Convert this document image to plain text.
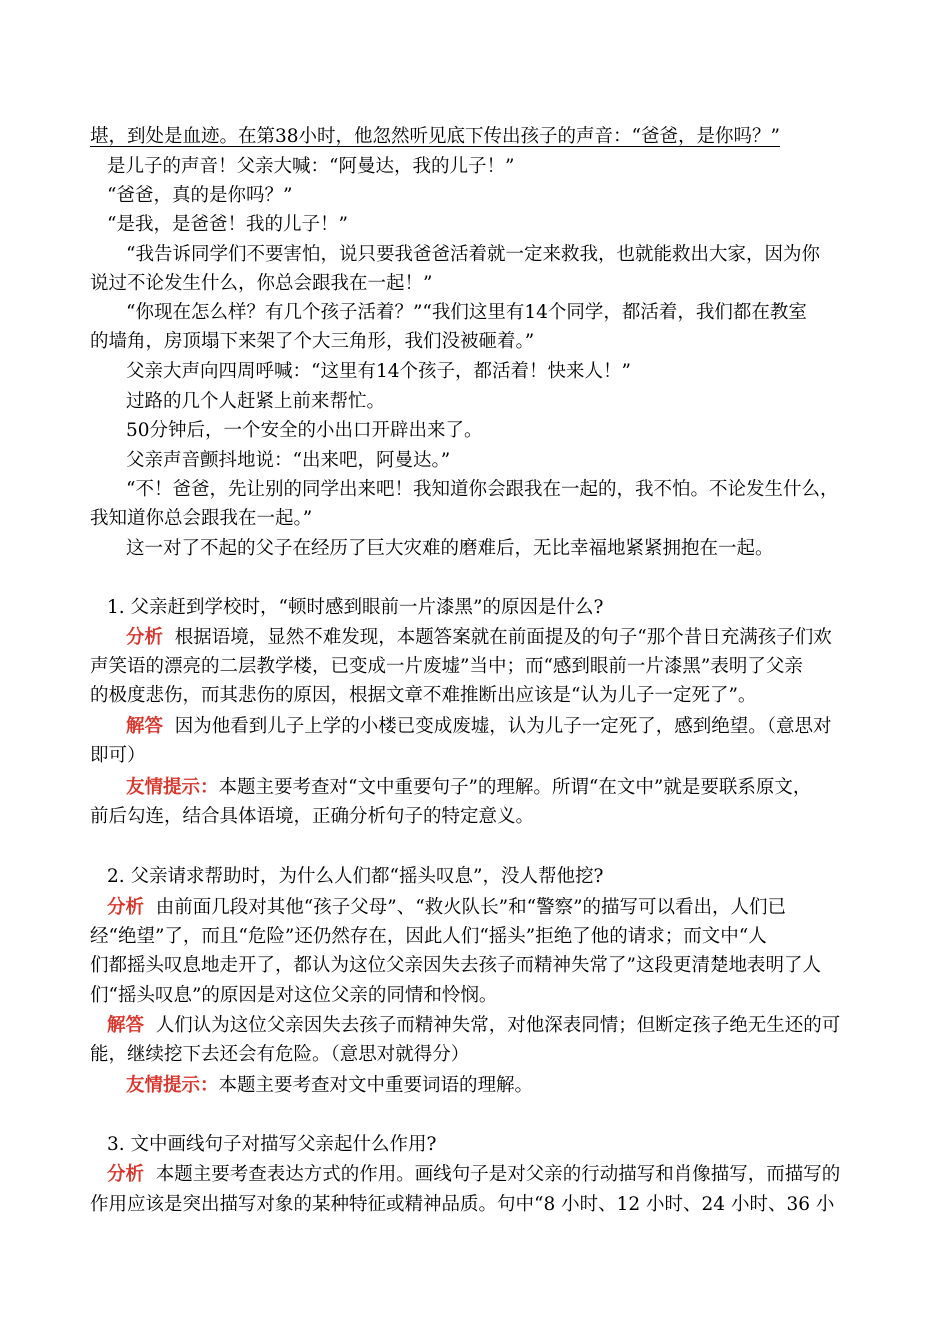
堪，到处是血迹。在第38小时，他忽然听见底下传出孩子的声音：“爸爸，是你吗？”

是儿子的声音！父亲大喊：“阿曼达，我的儿子！”

“爸爸，真的是你吗？”

“是我，是爸爸！我的儿子！”

“我告诉同学们不要害怕，说只要我爸爸活着就一定来救我，也就能救出大家，因为你

说过不论发生什么，你总会跟我在一起！”

“你现在怎么样？有几个孩子活着？”“我们这里有14个同学，都活着，我们都在教室

的墙角，房顶塌下来架了个大三角形，我们没被砸着。”

父亲大声向四周呼喊：“这里有14个孩子，都活着！快来人！”

过路的几个人赶紧上前来帮忙。

50分钟后，一个安全的小出口开辟出来了。

父亲声音颤抖地说：“出来吧，阿曼达。”

“不！爸爸，先让别的同学出来吧！我知道你会跟我在一起的，我不怕。不论发生什么，

我知道你总会跟我在一起。”

这一对了不起的父子在经历了巨大灾难的磨难后，无比幸福地紧紧拥抱在一起。

1. 父亲赶到学校时，“顿时感到眼前一片漆黑”的原因是什么?

分析 根据语境，显然不难发现，本题答案就在前面提及的句子“那个昔日充满孩子们欢

声笑语的漂亮的二层教学楼，已变成一片废墟”当中；而“感到眼前一片漆黑”表明了父亲

的极度悲伤，而其悲伤的原因，根据文章不难推断出应该是“认为儿子一定死了”。

解答 因为他看到儿子上学的小楼已变成废墟，认为儿子一定死了，感到绝望。（意思对

即可）

友情提示：本题主要考查对“文中重要句子”的理解。所谓“在文中”就是要联系原文，

前后勾连，结合具体语境，正确分析句子的特定意义。

2. 父亲请求帮助时，为什么人们都“摇头叹息”，没人帮他挖?

分析 由前面几段对其他“孩子父母”、“救火队长”和“警察”的描写可以看出，人们已

经“绝望”了，而且“危险”还仍然存在，因此人们“摇头”拒绝了他的请求；而文中“人

们都摇头叹息地走开了，都认为这位父亲因失去孩子而精神失常了”这段更清楚地表明了人

们“摇头叹息”的原因是对这位父亲的同情和怜悯。

解答 人们认为这位父亲因失去孩子而精神失常，对他深表同情；但断定孩子绝无生还的可

能，继续挖下去还会有危险。（意思对就得分）

友情提示：本题主要考查对文中重要词语的理解。

3. 文中画线句子对描写父亲起什么作用?

分析 本题主要考查表达方式的作用。画线句子是对父亲的行动描写和肖像描写，而描写的

作用应该是突出描写对象的某种特征或精神品质。句中“8 小时、12 小时、24 小时、36 小
